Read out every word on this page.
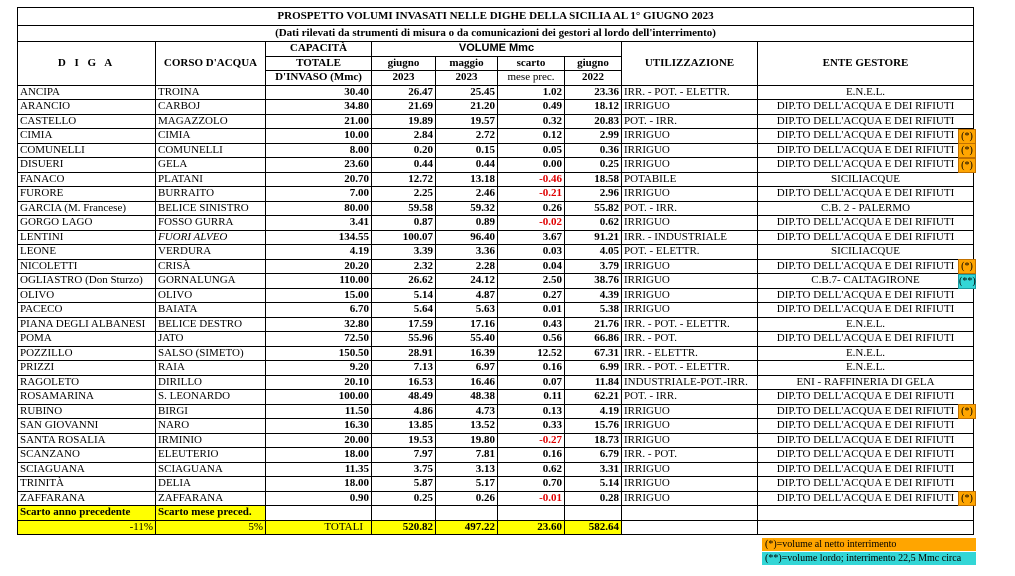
PROSPETTO VOLUMI INVASATI NELLE DIGHE DELLA SICILIA AL 1° GIUGNO 2023								
(Dati rilevati da strumenti di misura o da comunicazioni dei gestori al lordo dell'interrimento)								
D I G A	CORSO D'ACQUA	CAPACITÀ	VOLUME Mmc				UTILIZZAZIONE	ENTE GESTORE
		TOTALE	giugno	maggio	scarto	giugno		
		D'INVASO (Mmc)	2023	2023	mese prec.	2022		
ANCIPA	TROINA	30.40	26.47	25.45	1.02	23.36	IRR. - POT. - ELETTR.	E.N.E.L.
ARANCIO	CARBOJ	34.80	21.69	21.20	0.49	18.12	IRRIGUO	DIP.TO DELL'ACQUA E DEI RIFIUTI
CASTELLO	MAGAZZOLO	21.00	19.89	19.57	0.32	20.83	POT. - IRR.	DIP.TO DELL'ACQUA E DEI RIFIUTI
CIMIA	CIMIA	10.00	2.84	2.72	0.12	2.99	IRRIGUO	DIP.TO DELL'ACQUA E DEI RIFIUTI
COMUNELLI	COMUNELLI	8.00	0.20	0.15	0.05	0.36	IRRIGUO	DIP.TO DELL'ACQUA E DEI RIFIUTI
DISUERI	GELA	23.60	0.44	0.44	0.00	0.25	IRRIGUO	DIP.TO DELL'ACQUA E DEI RIFIUTI
FANACO	PLATANI	20.70	12.72	13.18	-0.46	18.58	POTABILE	SICILIACQUE
FURORE	BURRAITO	7.00	2.25	2.46	-0.21	2.96	IRRIGUO	DIP.TO DELL'ACQUA E DEI RIFIUTI
GARCIA (M. Francese)	BELICE SINISTRO	80.00	59.58	59.32	0.26	55.82	POT. - IRR.	C.B. 2 - PALERMO
GORGO LAGO	FOSSO GURRA	3.41	0.87	0.89	-0.02	0.62	IRRIGUO	DIP.TO DELL'ACQUA E DEI RIFIUTI
LENTINI	FUORI ALVEO	134.55	100.07	96.40	3.67	91.21	IRR. - INDUSTRIALE	DIP.TO DELL'ACQUA E DEI RIFIUTI
LEONE	VERDURA	4.19	3.39	3.36	0.03	4.05	POT. - ELETTR.	SICILIACQUE
NICOLETTI	CRISÀ	20.20	2.32	2.28	0.04	3.79	IRRIGUO	DIP.TO DELL'ACQUA E DEI RIFIUTI
OGLIASTRO (Don Sturzo)	GORNALUNGA	110.00	26.62	24.12	2.50	38.76	IRRIGUO	C.B.7- CALTAGIRONE
OLIVO	OLIVO	15.00	5.14	4.87	0.27	4.39	IRRIGUO	DIP.TO DELL'ACQUA E DEI RIFIUTI
PACECO	BAIATA	6.70	5.64	5.63	0.01	5.38	IRRIGUO	DIP.TO DELL'ACQUA E DEI RIFIUTI
PIANA DEGLI ALBANESI	BELICE DESTRO	32.80	17.59	17.16	0.43	21.76	IRR. - POT. - ELETTR.	E.N.E.L.
POMA	JATO	72.50	55.96	55.40	0.56	66.86	IRR. - POT.	DIP.TO DELL'ACQUA E DEI RIFIUTI
POZZILLO	SALSO (SIMETO)	150.50	28.91	16.39	12.52	67.31	IRR. - ELETTR.	E.N.E.L.
PRIZZI	RAIA	9.20	7.13	6.97	0.16	6.99	IRR. - POT. - ELETTR.	E.N.E.L.
RAGOLETO	DIRILLO	20.10	16.53	16.46	0.07	11.84	INDUSTRIALE-POT.-IRR.	ENI - RAFFINERIA DI GELA
ROSAMARINA	S. LEONARDO	100.00	48.49	48.38	0.11	62.21	POT. - IRR.	DIP.TO DELL'ACQUA E DEI RIFIUTI
RUBINO	BIRGI	11.50	4.86	4.73	0.13	4.19	IRRIGUO	DIP.TO DELL'ACQUA E DEI RIFIUTI
SAN GIOVANNI	NARO	16.30	13.85	13.52	0.33	15.76	IRRIGUO	DIP.TO DELL'ACQUA E DEI RIFIUTI
SANTA ROSALIA	IRMINIO	20.00	19.53	19.80	-0.27	18.73	IRRIGUO	DIP.TO DELL'ACQUA E DEI RIFIUTI
SCANZANO	ELEUTERIO	18.00	7.97	7.81	0.16	6.79	IRR. - POT.	DIP.TO DELL'ACQUA E DEI RIFIUTI
SCIAGUANA	SCIAGUANA	11.35	3.75	3.13	0.62	3.31	IRRIGUO	DIP.TO DELL'ACQUA E DEI RIFIUTI
TRINITÀ	DELIA	18.00	5.87	5.17	0.70	5.14	IRRIGUO	DIP.TO DELL'ACQUA E DEI RIFIUTI
ZAFFARANA	ZAFFARANA	0.90	0.25	0.26	-0.01	0.28	IRRIGUO	DIP.TO DELL'ACQUA E DEI RIFIUTI
Scarto anno precedente	Scarto mese preced.							
-11%	5%	TOTALI	520.82	497.22	23.60	582.64		
(*)
(*)
(*)
(*)
(**)
(*)
(*)
(*)=volume al netto interrimento
(**)=volume lordo; interrimento 22,5 Mmc circa
